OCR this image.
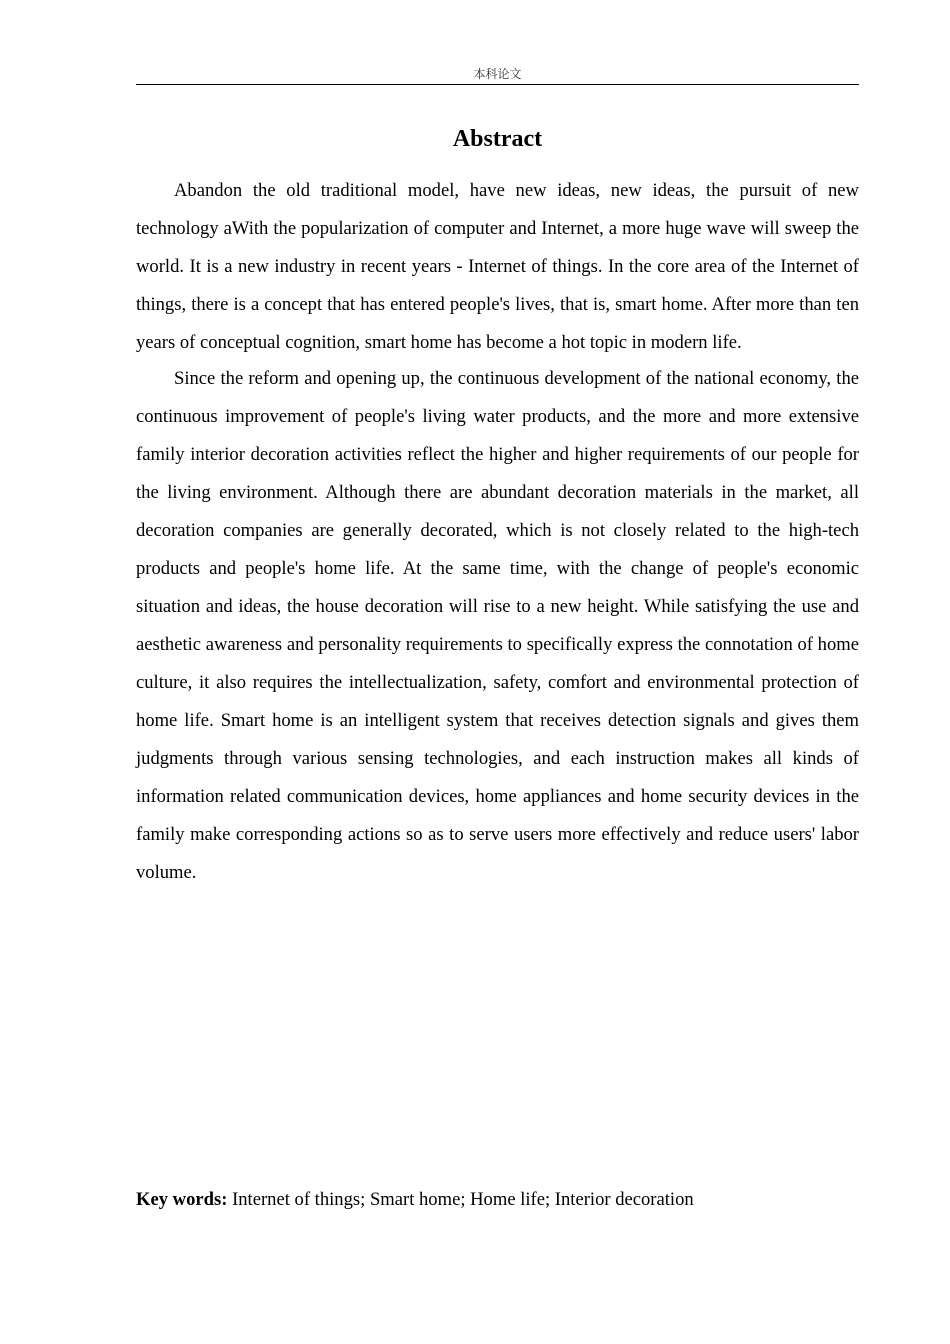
本科论文
Abstract

Abandon the old traditional model, have new ideas, new ideas, the pursuit of new technology aWith the popularization of computer and Internet, a more huge wave will sweep the world. It is a new industry in recent years - Internet of things. In the core area of the Internet of things, there is a concept that has entered people's lives, that is, smart home. After more than ten years of conceptual cognition, smart home has become a hot topic in modern life.

Since the reform and opening up, the continuous development of the national economy, the continuous improvement of people's living water products, and the more and more extensive family interior decoration activities reflect the higher and higher requirements of our people for the living environment. Although there are abundant decoration materials in the market, all decoration companies are generally decorated, which is not closely related to the high-tech products and people's home life. At the same time, with the change of people's economic situation and ideas, the house decoration will rise to a new height. While satisfying the use and aesthetic awareness and personality requirements to specifically express the connotation of home culture, it also requires the intellectualization, safety, comfort and environmental protection of home life. Smart home is an intelligent system that receives detection signals and gives them judgments through various sensing technologies, and each instruction makes all kinds of information related communication devices, home appliances and home security devices in the family make corresponding actions so as to serve users more effectively and reduce users' labor volume.

Key words: Internet of things; Smart home; Home life; Interior decoration
